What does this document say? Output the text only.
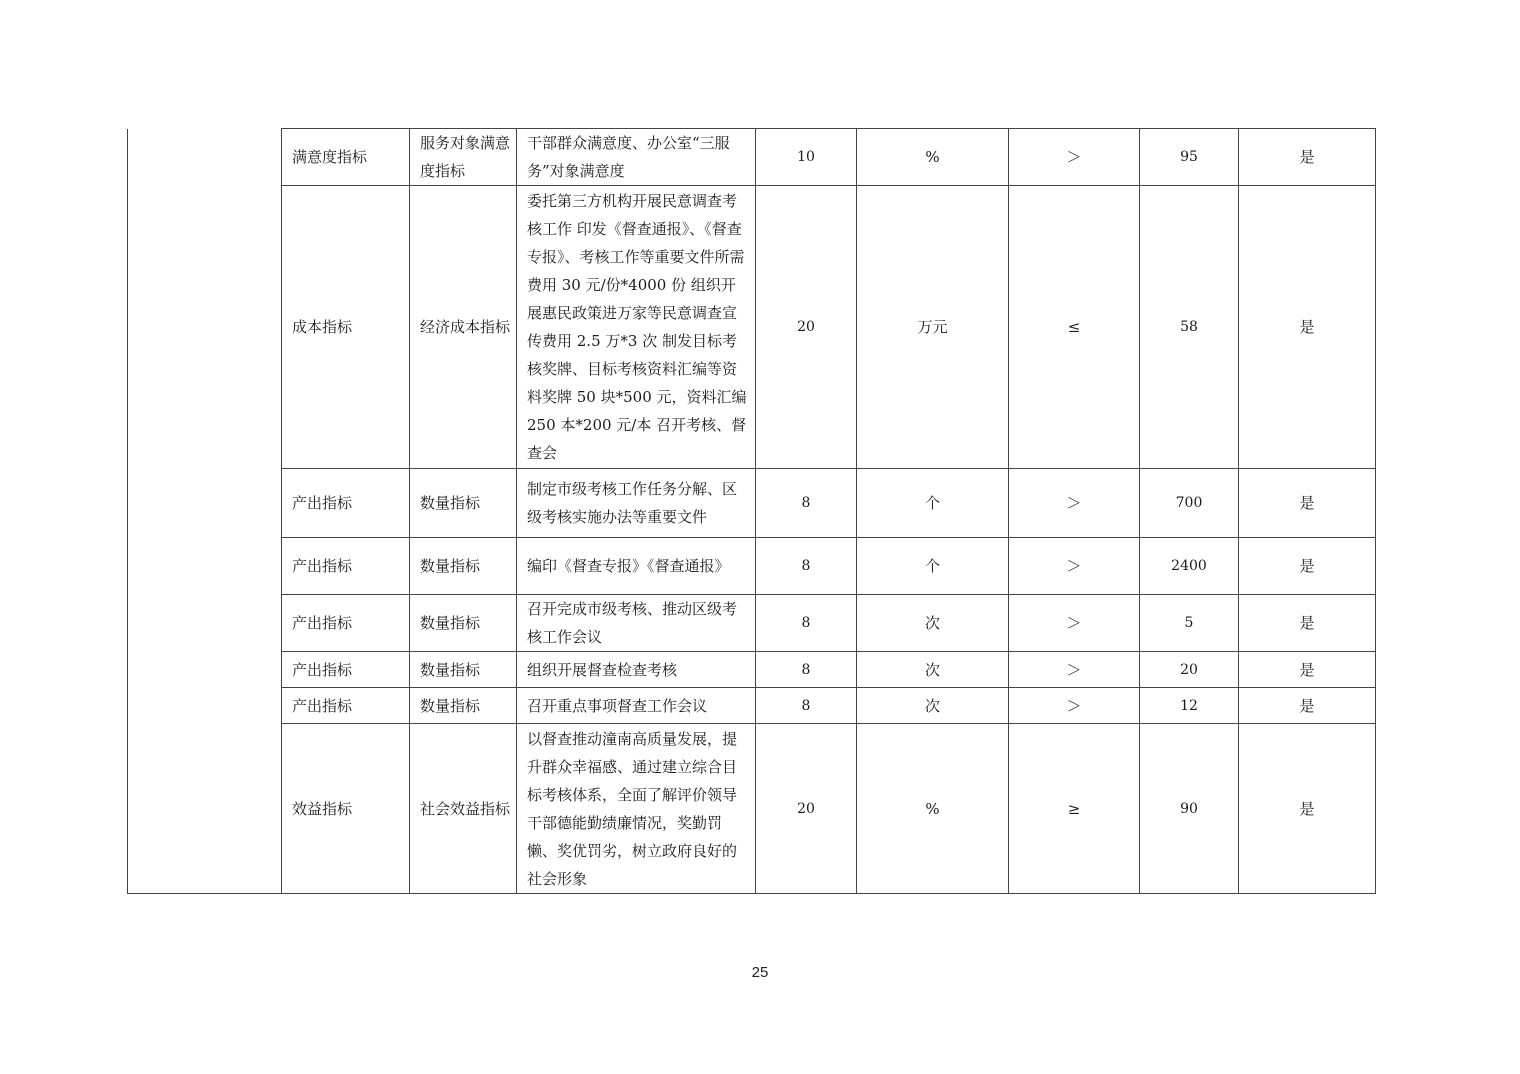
	满意度指标	服务对象满意度指标	干部群众满意度、办公室“三服务”对象满意度	10	%	＞	95	是
	成本指标	经济成本指标	委托第三方机构开展民意调查考核工作 印发《督查通报》、《督查专报》、考核工作等重要文件所需费用 30 元/份*4000 份 组织开展惠民政策进万家等民意调查宣传费用 2.5 万*3 次 制发目标考核奖牌、目标考核资料汇编等资料奖牌 50 块*500 元，资料汇编 250 本*200 元/本 召开考核、督查会	20	万元	≤	58	是
	产出指标	数量指标	制定市级考核工作任务分解、区级考核实施办法等重要文件	8	个	＞	700	是
	产出指标	数量指标	编印《督查专报》《督查通报》	8	个	＞	2400	是
	产出指标	数量指标	召开完成市级考核、推动区级考核工作会议	8	次	＞	5	是
	产出指标	数量指标	组织开展督查检查考核	8	次	＞	20	是
	产出指标	数量指标	召开重点事项督查工作会议	8	次	＞	12	是
	效益指标	社会效益指标	以督查推动潼南高质量发展，提升群众幸福感、通过建立综合目标考核体系，全面了解评价领导干部德能勤绩廉情况，奖勤罚懒、奖优罚劣，树立政府良好的社会形象	20	%	≥	90	是
25
